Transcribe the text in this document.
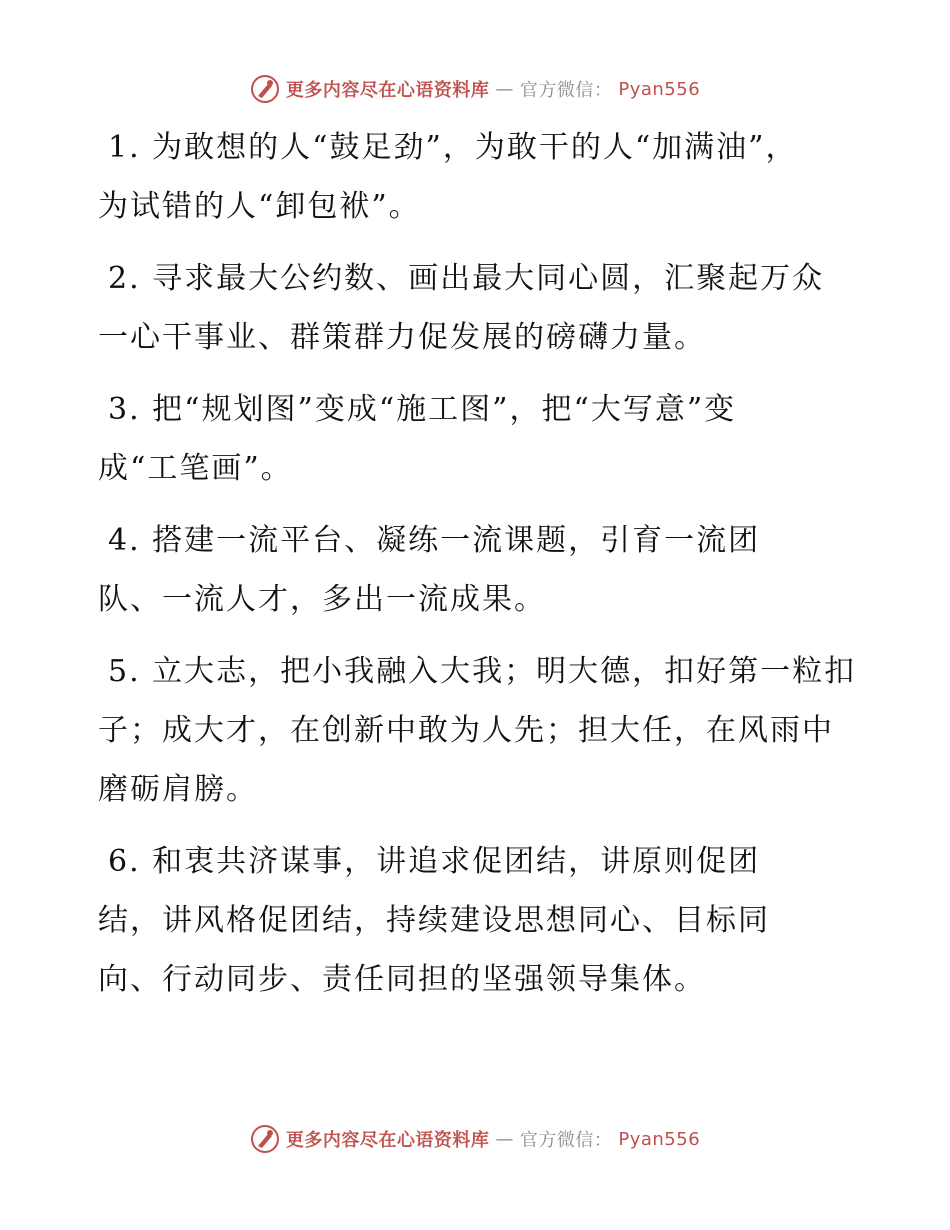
更多内容尽在心语资料库 — 官方微信： Pyan556

1. 为敢想的人“鼓足劲”，为敢干的人“加满油”，为试错的人“卸包袱”。

2. 寻求最大公约数、画出最大同心圆，汇聚起万众一心干事业、群策群力促发展的磅礴力量。

3. 把“规划图”变成“施工图”，把“大写意”变成“工笔画”。

4. 搭建一流平台、凝练一流课题，引育一流团队、一流人才，多出一流成果。

5. 立大志，把小我融入大我；明大德，扣好第一粒扣子；成大才，在创新中敢为人先；担大任，在风雨中磨砺肩膀。

6. 和衷共济谋事，讲追求促团结，讲原则促团结，讲风格促团结，持续建设思想同心、目标同向、行动同步、责任同担的坚强领导集体。

更多内容尽在心语资料库 — 官方微信： Pyan556
